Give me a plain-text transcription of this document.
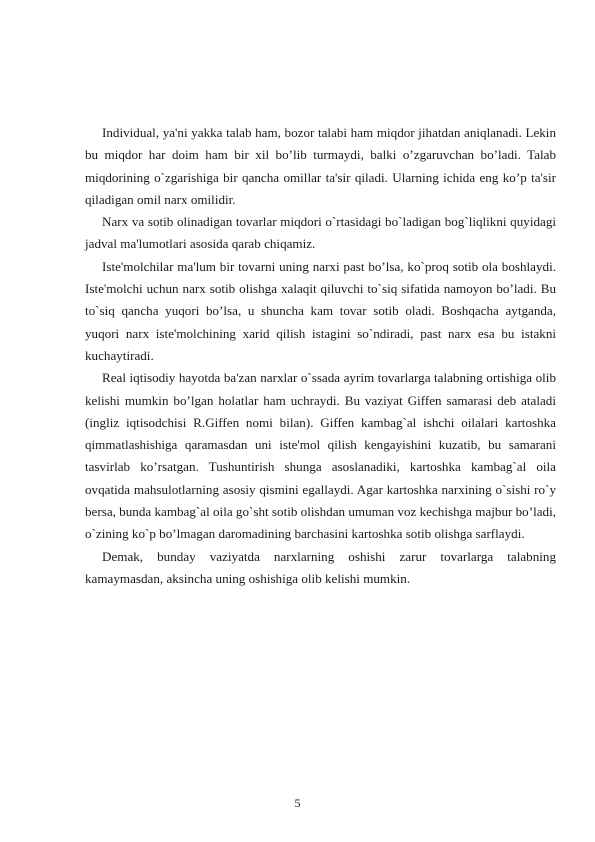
Individual, ya'ni yakka talab ham, bozor talabi ham miqdor jihatdan aniqlanadi. Lekin bu miqdor har doim ham bir xil bo’lib turmaydi, balki o’zgaruvchan bo’ladi. Talab miqdorining o`zgarishiga bir qancha omillar ta'sir qiladi. Ularning ichida eng ko’p ta'sir qiladigan omil narx omilidir.

Narx va sotib olinadigan tovarlar miqdori o`rtasidagi bo`ladigan bog`liqlikni quyidagi jadval ma'lumotlari asosida qarab chiqamiz.

Iste'molchilar ma'lum bir tovarni uning narxi past bo’lsa, ko`proq sotib ola boshlaydi. Iste'molchi uchun narx sotib olishga xalaqit qiluvchi to`siq sifatida namoyon bo’ladi. Bu to`siq qancha yuqori bo’lsa, u shuncha kam tovar sotib oladi. Boshqacha aytganda, yuqori narx iste'molchining xarid qilish istagini so`ndiradi, past narx esa bu istakni kuchaytiradi.

Real iqtisodiy hayotda ba'zan narxlar o`ssada ayrim tovarlarga talabning ortishiga olib kelishi mumkin bo’lgan holatlar ham uchraydi. Bu vaziyat Giffen samarasi deb ataladi (ingliz iqtisodchisi R.Giffen nomi bilan). Giffen kambag`al ishchi oilalari kartoshka qimmatlashishiga qaramasdan uni iste'mol qilish kengayishini kuzatib, bu samarani tasvirlab ko’rsatgan. Tushuntirish shunga asoslanadiki, kartoshka kambag`al oila ovqatida mahsulotlarning asosiy qismini egallaydi. Agar kartoshka narxining o`sishi ro`y bersa, bunda kambag`al oila go`sht sotib olishdan umuman voz kechishga majbur bo’ladi, o`zining ko`p bo’lmagan daromadining barchasini kartoshka sotib olishga sarflaydi.

Demak, bunday vaziyatda narxlarning oshishi zarur tovarlarga talabning kamaymasdan, aksincha uning oshishiga olib kelishi mumkin.

5
